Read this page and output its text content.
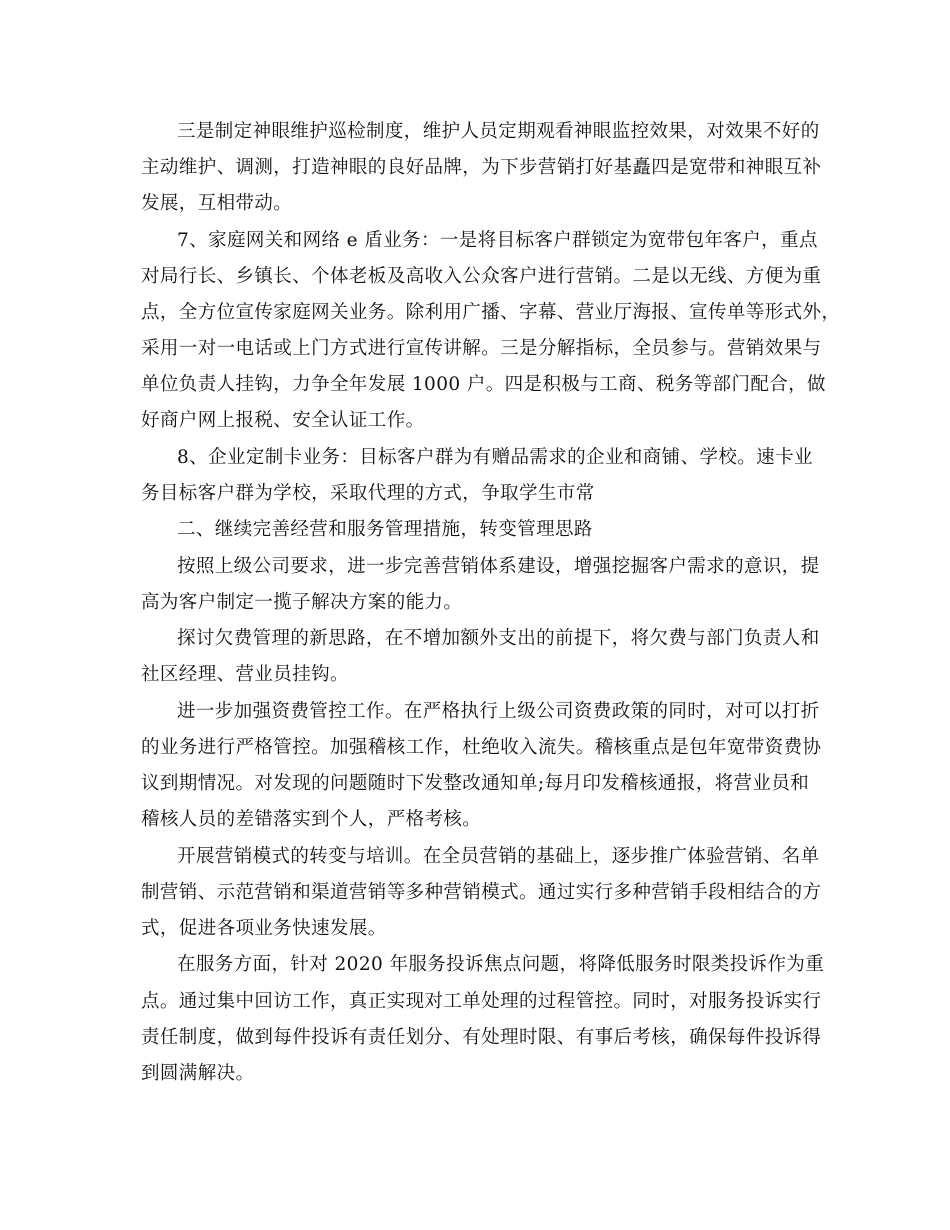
三是制定神眼维护巡检制度，维护人员定期观看神眼监控效果，对效果不好的
主动维护、调测，打造神眼的良好品牌，为下步营销打好基矗四是宽带和神眼互补
发展，互相带动。
7、家庭网关和网络 e 盾业务：一是将目标客户群锁定为宽带包年客户，重点
对局行长、乡镇长、个体老板及高收入公众客户进行营销。二是以无线、方便为重
点，全方位宣传家庭网关业务。除利用广播、字幕、营业厅海报、宣传单等形式外，
采用一对一电话或上门方式进行宣传讲解。三是分解指标，全员参与。营销效果与
单位负责人挂钩，力争全年发展 1000 户。四是积极与工商、税务等部门配合，做
好商户网上报税、安全认证工作。
8、企业定制卡业务：目标客户群为有赠品需求的企业和商铺、学校。速卡业
务目标客户群为学校，采取代理的方式，争取学生市常
二、继续完善经营和服务管理措施，转变管理思路
按照上级公司要求，进一步完善营销体系建设，增强挖掘客户需求的意识，提
高为客户制定一揽子解决方案的能力。
探讨欠费管理的新思路，在不增加额外支出的前提下，将欠费与部门负责人和
社区经理、营业员挂钩。
进一步加强资费管控工作。在严格执行上级公司资费政策的同时，对可以打折
的业务进行严格管控。加强稽核工作，杜绝收入流失。稽核重点是包年宽带资费协
议到期情况。对发现的问题随时下发整改通知单;每月印发稽核通报，将营业员和
稽核人员的差错落实到个人，严格考核。
开展营销模式的转变与培训。在全员营销的基础上，逐步推广体验营销、名单
制营销、示范营销和渠道营销等多种营销模式。通过实行多种营销手段相结合的方
式，促进各项业务快速发展。
在服务方面，针对 2020 年服务投诉焦点问题，将降低服务时限类投诉作为重
点。通过集中回访工作，真正实现对工单处理的过程管控。同时，对服务投诉实行
责任制度，做到每件投诉有责任划分、有处理时限、有事后考核，确保每件投诉得
到圆满解决。
